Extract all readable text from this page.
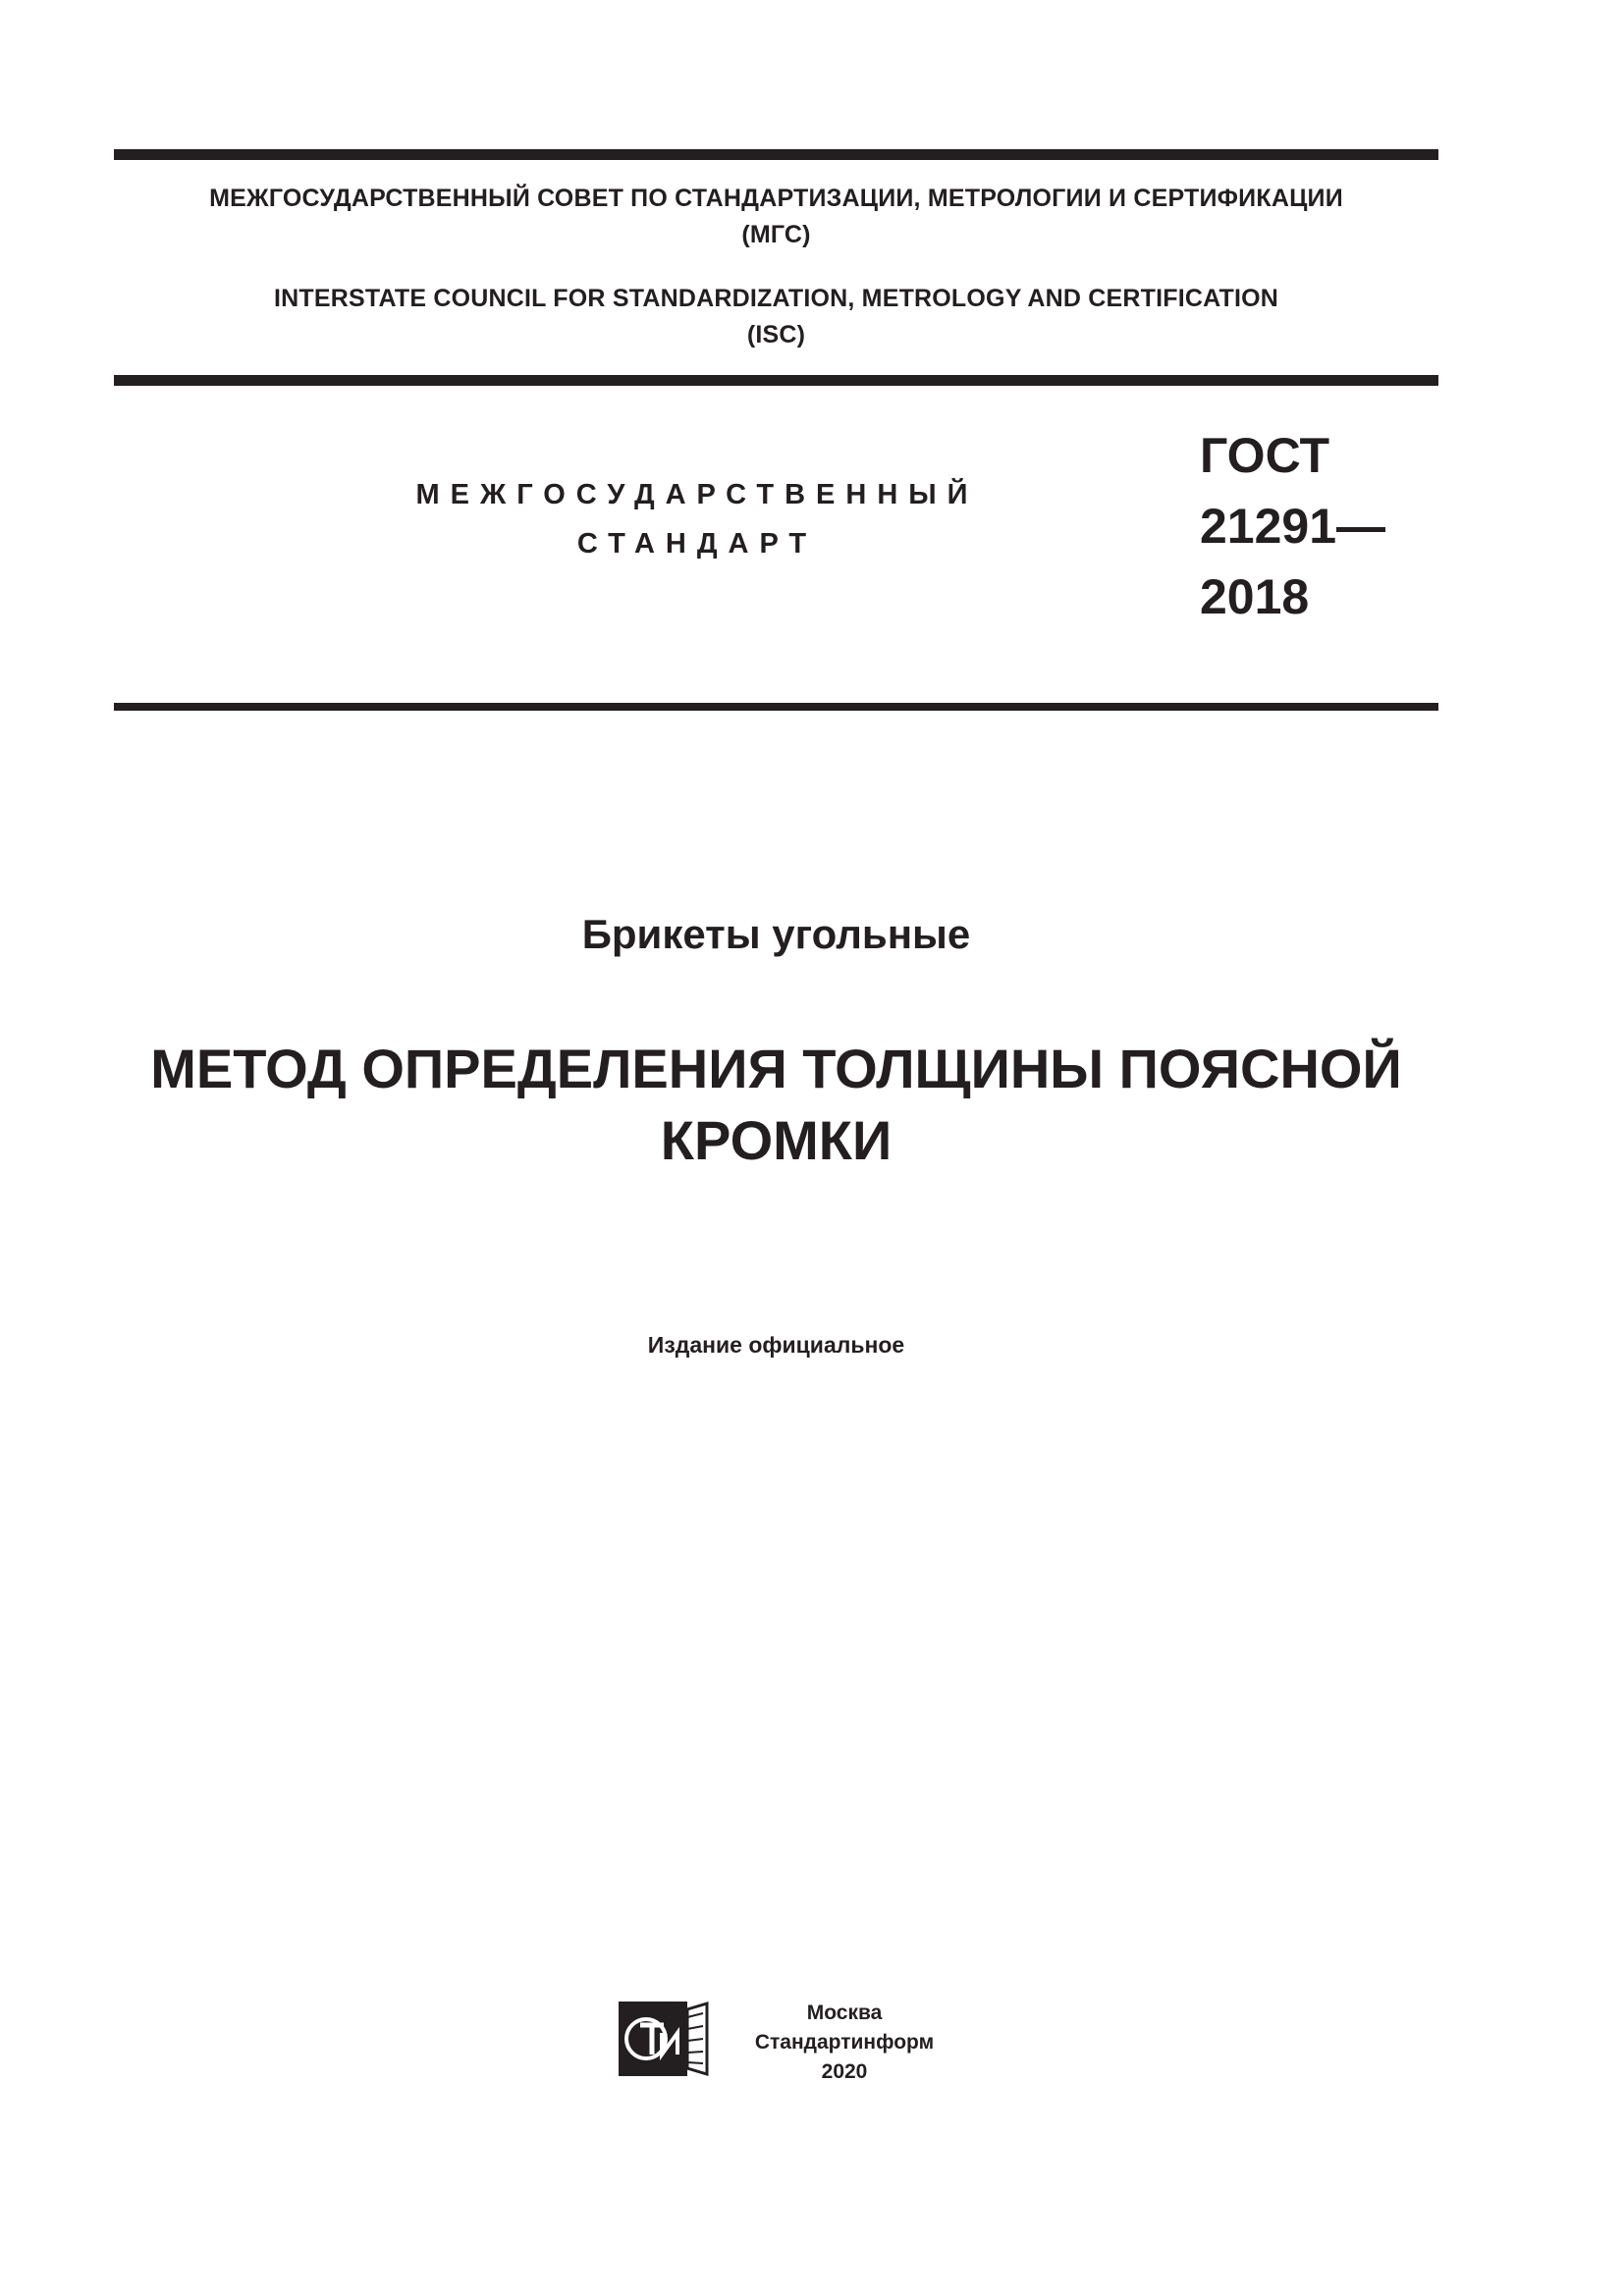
МЕЖГОСУДАРСТВЕННЫЙ СОВЕТ ПО СТАНДАРТИЗАЦИИ, МЕТРОЛОГИИ И СЕРТИФИКАЦИИ
(МГС)
INTERSTATE COUNCIL FOR STANDARDIZATION, METROLOGY AND CERTIFICATION
(ISC)
МЕЖГОСУДАРСТВЕННЫЙ
СТАНДАРТ
ГОСТ
21291—
2018
Брикеты угольные
МЕТОД ОПРЕДЕЛЕНИЯ ТОЛЩИНЫ ПОЯСНОЙ
КРОМКИ
Издание официальное
Москва
Стандартинформ
2020
